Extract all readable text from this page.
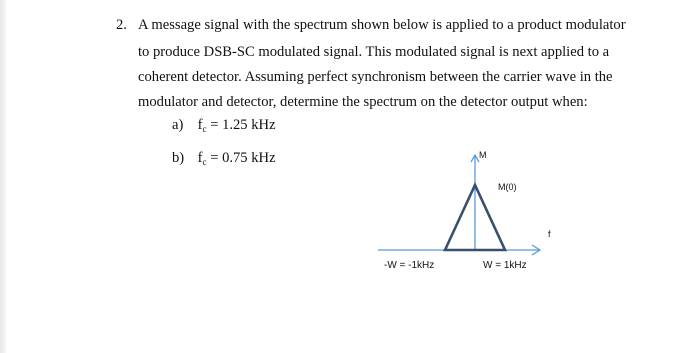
2. A message signal with the spectrum shown below is applied to a product modulator
to produce DSB-SC modulated signal. This modulated signal is next applied to a
coherent detector. Assuming perfect synchronism between the carrier wave in the
modulator and detector, determine the spectrum on the detector output when:
a) $f_c = 1.25$ kHz
b) $f_c = 0.75$ kHz	M
M(0)
f
-W = -1kHz	W = 1kHz
